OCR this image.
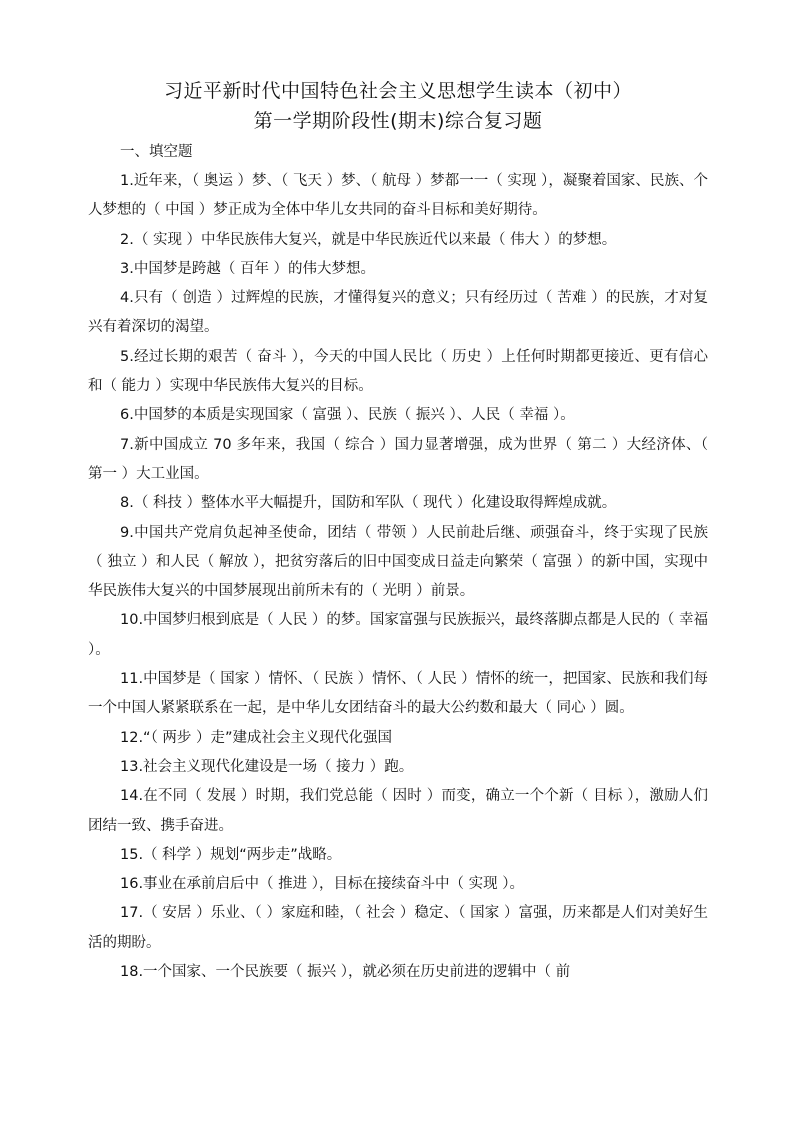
习近平新时代中国特色社会主义思想学生读本（初中）
第一学期阶段性(期末)综合复习题
一、填空题

1.近年来，（ 奥运 ）梦、（ 飞天 ）梦、（ 航母 ）梦都一一（ 实现 ），凝聚着国家、民族、个人梦想的（ 中国 ）梦正成为全体中华儿女共同的奋斗目标和美好期待。

2.（ 实现 ）中华民族伟大复兴，就是中华民族近代以来最（ 伟大 ）的梦想。

3.中国梦是跨越（ 百年 ）的伟大梦想。

4.只有（ 创造 ）过辉煌的民族，才懂得复兴的意义；只有经历过（ 苦难 ）的民族，才对复兴有着深切的渴望。

5.经过长期的艰苦（ 奋斗 ），今天的中国人民比（ 历史 ）上任何时期都更接近、更有信心和（ 能力 ）实现中华民族伟大复兴的目标。

6.中国梦的本质是实现国家（ 富强 ）、民族（ 振兴 ）、人民（ 幸福 ）。

7.新中国成立 70 多年来，我国（ 综合 ）国力显著增强，成为世界（ 第二 ）大经济体、（ 第一 ）大工业国。

8.（ 科技 ）整体水平大幅提升，国防和军队（ 现代 ）化建设取得辉煌成就。

9.中国共产党肩负起神圣使命，团结（ 带领 ）人民前赴后继、顽强奋斗，终于实现了民族（ 独立 ）和人民（ 解放 ），把贫穷落后的旧中国变成日益走向繁荣（ 富强 ）的新中国，实现中华民族伟大复兴的中国梦展现出前所未有的（ 光明 ）前景。

10.中国梦归根到底是（ 人民 ）的梦。国家富强与民族振兴，最终落脚点都是人民的（ 幸福 ）。

11.中国梦是（ 国家 ）情怀、（ 民族 ）情怀、（ 人民 ）情怀的统一，把国家、民族和我们每一个中国人紧紧联系在一起，是中华儿女团结奋斗的最大公约数和最大（ 同心 ）圆。

12.“（ 两步 ）走”建成社会主义现代化强国

13.社会主义现代化建设是一场（ 接力 ）跑。

14.在不同（ 发展 ）时期，我们党总能（ 因时 ）而变，确立一个个新（ 目标 ），激励人们团结一致、携手奋进。

15.（ 科学 ）规划“两步走”战略。

16.事业在承前启后中（ 推进 ），目标在接续奋斗中（ 实现 ）。

17.（ 安居 ）乐业、（ ）家庭和睦，（ 社会 ）稳定、（ 国家 ）富强，历来都是人们对美好生活的期盼。

18.一个国家、一个民族要（ 振兴 ），就必须在历史前进的逻辑中（ 前
